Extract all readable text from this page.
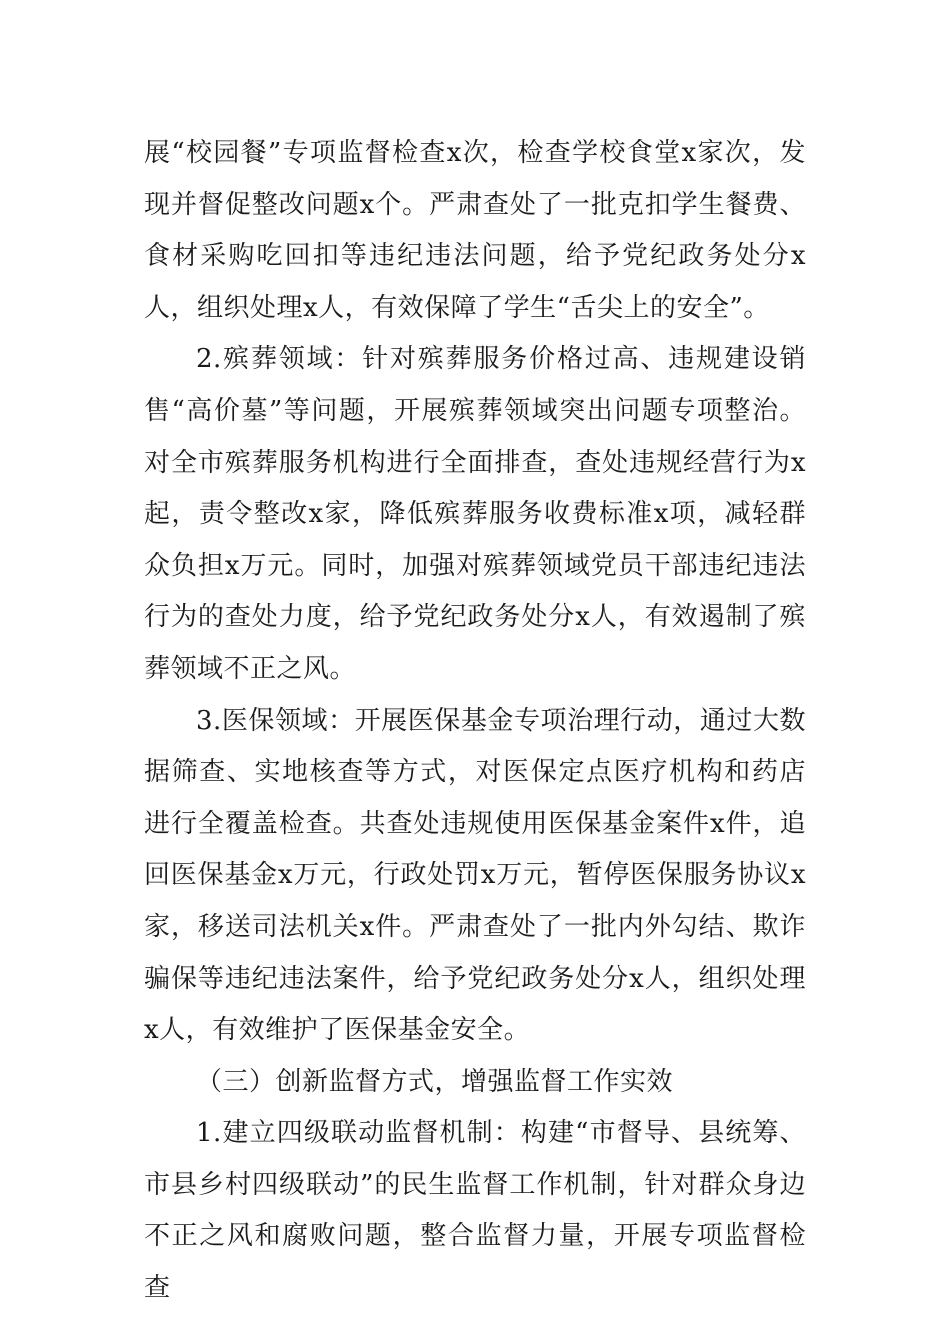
展“校园餐”专项监督检查x次，检查学校食堂x家次，发现并督促整改问题x个。严肃查处了一批克扣学生餐费、食材采购吃回扣等违纪违法问题，给予党纪政务处分x人，组织处理x人，有效保障了学生“舌尖上的安全”。

2.殡葬领域：针对殡葬服务价格过高、违规建设销售“高价墓”等问题，开展殡葬领域突出问题专项整治。对全市殡葬服务机构进行全面排查，查处违规经营行为x起，责令整改x家，降低殡葬服务收费标准x项，减轻群众负担x万元。同时，加强对殡葬领域党员干部违纪违法行为的查处力度，给予党纪政务处分x人，有效遏制了殡葬领域不正之风。

3.医保领域：开展医保基金专项治理行动，通过大数据筛查、实地核查等方式，对医保定点医疗机构和药店进行全覆盖检查。共查处违规使用医保基金案件x件，追回医保基金x万元，行政处罚x万元，暂停医保服务协议x家，移送司法机关x件。严肃查处了一批内外勾结、欺诈骗保等违纪违法案件，给予党纪政务处分x人，组织处理x人，有效维护了医保基金安全。

（三）创新监督方式，增强监督工作实效

1.建立四级联动监督机制：构建“市督导、县统筹、市县乡村四级联动”的民生监督工作机制，针对群众身边不正之风和腐败问题，整合监督力量，开展专项监督检查
